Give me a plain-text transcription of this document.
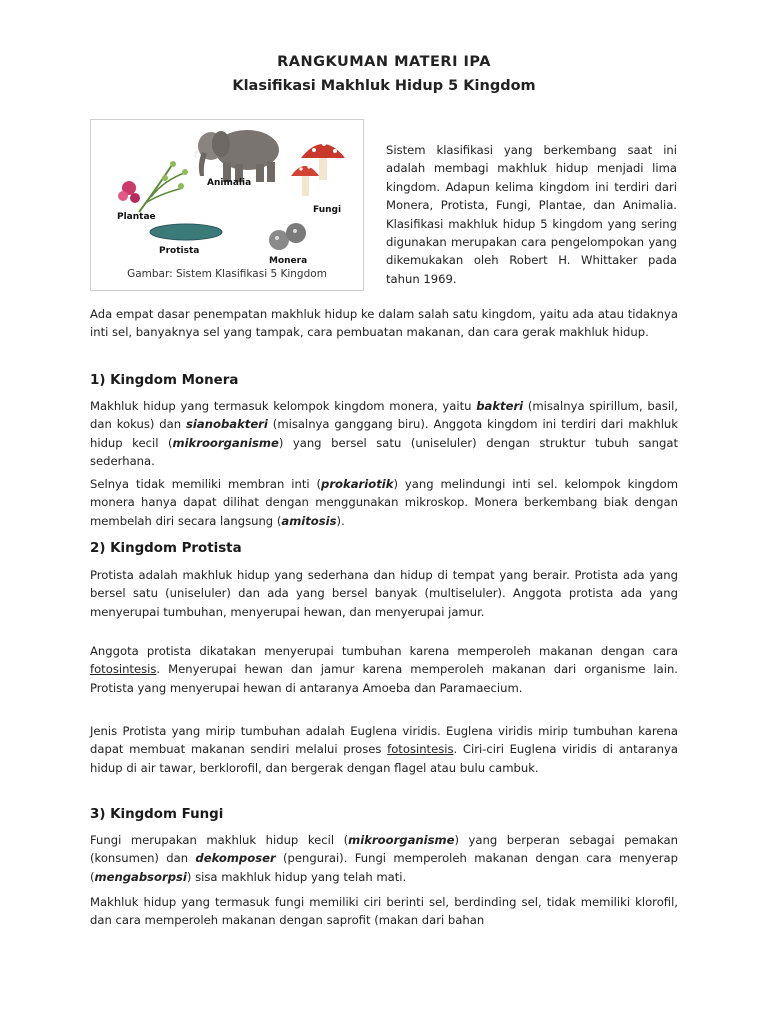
RANGKUMAN MATERI IPA
Klasifikasi Makhluk Hidup 5 Kingdom
Animalia
Fungi
Plantae
Protista
Monera
Gambar: Sistem Klasifikasi 5 Kingdom
Sistem klasifikasi yang berkembang saat ini adalah membagi makhluk hidup menjadi lima kingdom. Adapun kelima kingdom ini terdiri dari Monera, Protista, Fungi, Plantae, dan Animalia. Klasifikasi makhluk hidup 5 kingdom yang sering digunakan merupakan cara pengelompokan yang dikemukakan oleh Robert H. Whittaker pada tahun 1969.
Ada empat dasar penempatan makhluk hidup ke dalam salah satu kingdom, yaitu ada atau tidaknya inti sel, banyaknya sel yang tampak, cara pembuatan makanan, dan cara gerak makhluk hidup.
1) Kingdom Monera
Makhluk hidup yang termasuk kelompok kingdom monera, yaitu bakteri (misalnya spirillum, basil, dan kokus) dan sianobakteri (misalnya ganggang biru). Anggota kingdom ini terdiri dari makhluk hidup kecil (mikroorganisme) yang bersel satu (uniseluler) dengan struktur tubuh sangat sederhana.
Selnya tidak memiliki membran inti (prokariotik) yang melindungi inti sel. kelompok kingdom monera hanya dapat dilihat dengan menggunakan mikroskop. Monera berkembang biak dengan membelah diri secara langsung (amitosis).
2) Kingdom Protista
Protista adalah makhluk hidup yang sederhana dan hidup di tempat yang berair. Protista ada yang bersel satu (uniseluler) dan ada yang bersel banyak (multiseluler). Anggota protista ada yang menyerupai tumbuhan, menyerupai hewan, dan menyerupai jamur.
Anggota protista dikatakan menyerupai tumbuhan karena memperoleh makanan dengan cara fotosintesis. Menyerupai hewan dan jamur karena memperoleh makanan dari organisme lain. Protista yang menyerupai hewan di antaranya Amoeba dan Paramaecium.
Jenis Protista yang mirip tumbuhan adalah Euglena viridis. Euglena viridis mirip tumbuhan karena dapat membuat makanan sendiri melalui proses fotosintesis. Ciri-ciri Euglena viridis di antaranya hidup di air tawar, berklorofil, dan bergerak dengan flagel atau bulu cambuk.
3) Kingdom Fungi
Fungi merupakan makhluk hidup kecil (mikroorganisme) yang berperan sebagai pemakan (konsumen) dan dekomposer (pengurai). Fungi memperoleh makanan dengan cara menyerap (mengabsorpsi) sisa makhluk hidup yang telah mati.
Makhluk hidup yang termasuk fungi memiliki ciri berinti sel, berdinding sel, tidak memiliki klorofil, dan cara memperoleh makanan dengan saprofit (makan dari bahan
